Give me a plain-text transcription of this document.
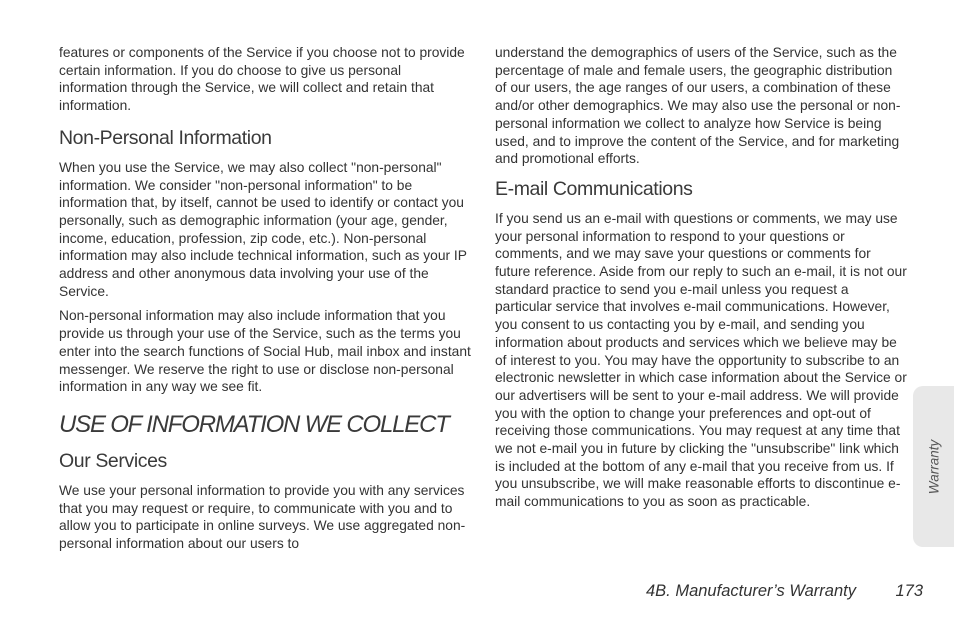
features or components of the Service if you choose not to provide certain information. If you do choose to give us personal information through the Service, we will collect and retain that information.

Non-Personal Information

When you use the Service, we may also collect "non-personal" information. We consider "non-personal information" to be information that, by itself, cannot be used to identify or contact you personally, such as demographic information (your age, gender, income, education, profession, zip code, etc.). Non-personal information may also include technical information, such as your IP address and other anonymous data involving your use of the Service.

Non-personal information may also include information that you provide us through your use of the Service, such as the terms you enter into the search functions of Social Hub, mail inbox and instant messenger. We reserve the right to use or disclose non-personal information in any way we see fit.

USE OF INFORMATION WE COLLECT
Our Services

We use your personal information to provide you with any services that you may request or require, to communicate with you and to allow you to participate in online surveys. We use aggregated non-personal information about our users to

understand the demographics of users of the Service, such as the percentage of male and female users, the geographic distribution of our users, the age ranges of our users, a combination of these and/or other demographics. We may also use the personal or non-personal information we collect to analyze how Service is being used, and to improve the content of the Service, and for marketing and promotional efforts.

E-mail Communications

If you send us an e-mail with questions or comments, we may use your personal information to respond to your questions or comments, and we may save your questions or comments for future reference. Aside from our reply to such an e-mail, it is not our standard practice to send you e-mail unless you request a particular service that involves e-mail communications. However, you consent to us contacting you by e-mail, and sending you information about products and services which we believe may be of interest to you. You may have the opportunity to subscribe to an electronic newsletter in which case information about the Service or our advertisers will be sent to your e-mail address. We will provide you with the option to change your preferences and opt-out of receiving those communications. You may request at any time that we not e-mail you in future by clicking the "unsubscribe" link which is included at the bottom of any e-mail that you receive from us. If you unsubscribe, we will make reasonable efforts to discontinue e-mail communications to you as soon as practicable.

Warranty
4B. Manufacturer’s Warranty	173
